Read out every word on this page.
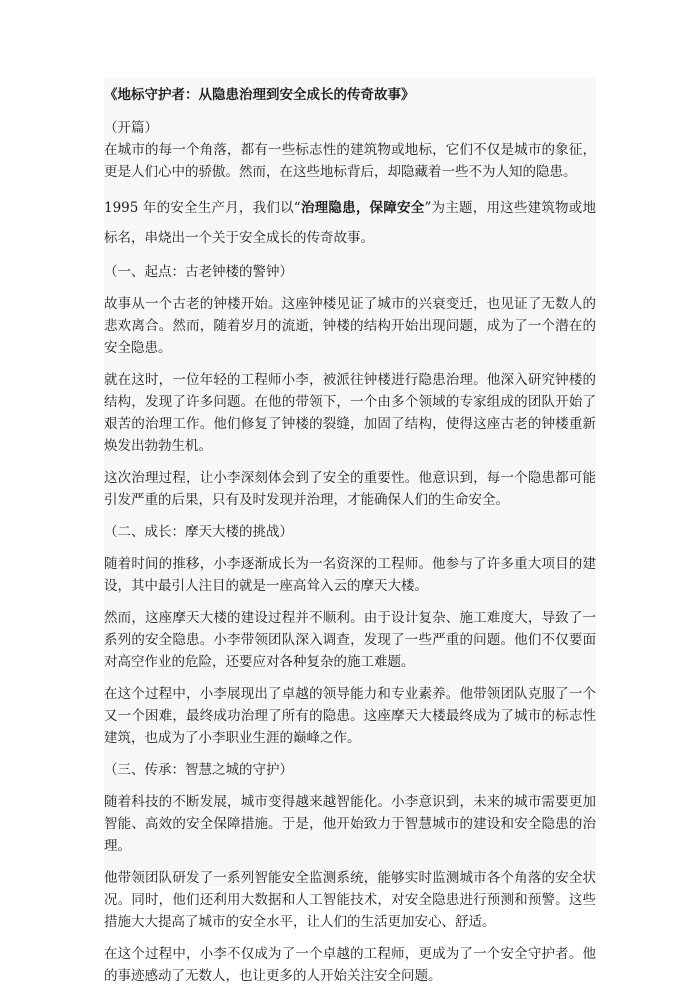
《地标守护者：从隐患治理到安全成长的传奇故事》
（开篇）

在城市的每一个角落，都有一些标志性的建筑物或地标，它们不仅是城市的象征，更是人们心中的骄傲。然而，在这些地标背后，却隐藏着一些不为人知的隐患。

1995 年的安全生产月，我们以“治理隐患，保障安全”为主题，用这些建筑物或地标名，串烧出一个关于安全成长的传奇故事。

（一、起点：古老钟楼的警钟）

故事从一个古老的钟楼开始。这座钟楼见证了城市的兴衰变迁，也见证了无数人的悲欢离合。然而，随着岁月的流逝，钟楼的结构开始出现问题，成为了一个潜在的安全隐患。

就在这时，一位年轻的工程师小李，被派往钟楼进行隐患治理。他深入研究钟楼的结构，发现了许多问题。在他的带领下，一个由多个领域的专家组成的团队开始了艰苦的治理工作。他们修复了钟楼的裂缝，加固了结构，使得这座古老的钟楼重新焕发出勃勃生机。

这次治理过程，让小李深刻体会到了安全的重要性。他意识到，每一个隐患都可能引发严重的后果，只有及时发现并治理，才能确保人们的生命安全。

（二、成长：摩天大楼的挑战）

随着时间的推移，小李逐渐成长为一名资深的工程师。他参与了许多重大项目的建设，其中最引人注目的就是一座高耸入云的摩天大楼。

然而，这座摩天大楼的建设过程并不顺利。由于设计复杂、施工难度大，导致了一系列的安全隐患。小李带领团队深入调查，发现了一些严重的问题。他们不仅要面对高空作业的危险，还要应对各种复杂的施工难题。

在这个过程中，小李展现出了卓越的领导能力和专业素养。他带领团队克服了一个又一个困难，最终成功治理了所有的隐患。这座摩天大楼最终成为了城市的标志性建筑，也成为了小李职业生涯的巅峰之作。

（三、传承：智慧之城的守护）

随着科技的不断发展，城市变得越来越智能化。小李意识到，未来的城市需要更加智能、高效的安全保障措施。于是，他开始致力于智慧城市的建设和安全隐患的治理。

他带领团队研发了一系列智能安全监测系统，能够实时监测城市各个角落的安全状况。同时，他们还利用大数据和人工智能技术，对安全隐患进行预测和预警。这些措施大大提高了城市的安全水平，让人们的生活更加安心、舒适。

在这个过程中，小李不仅成为了一个卓越的工程师，更成为了一个安全守护者。他的事迹感动了无数人，也让更多的人开始关注安全问题。
